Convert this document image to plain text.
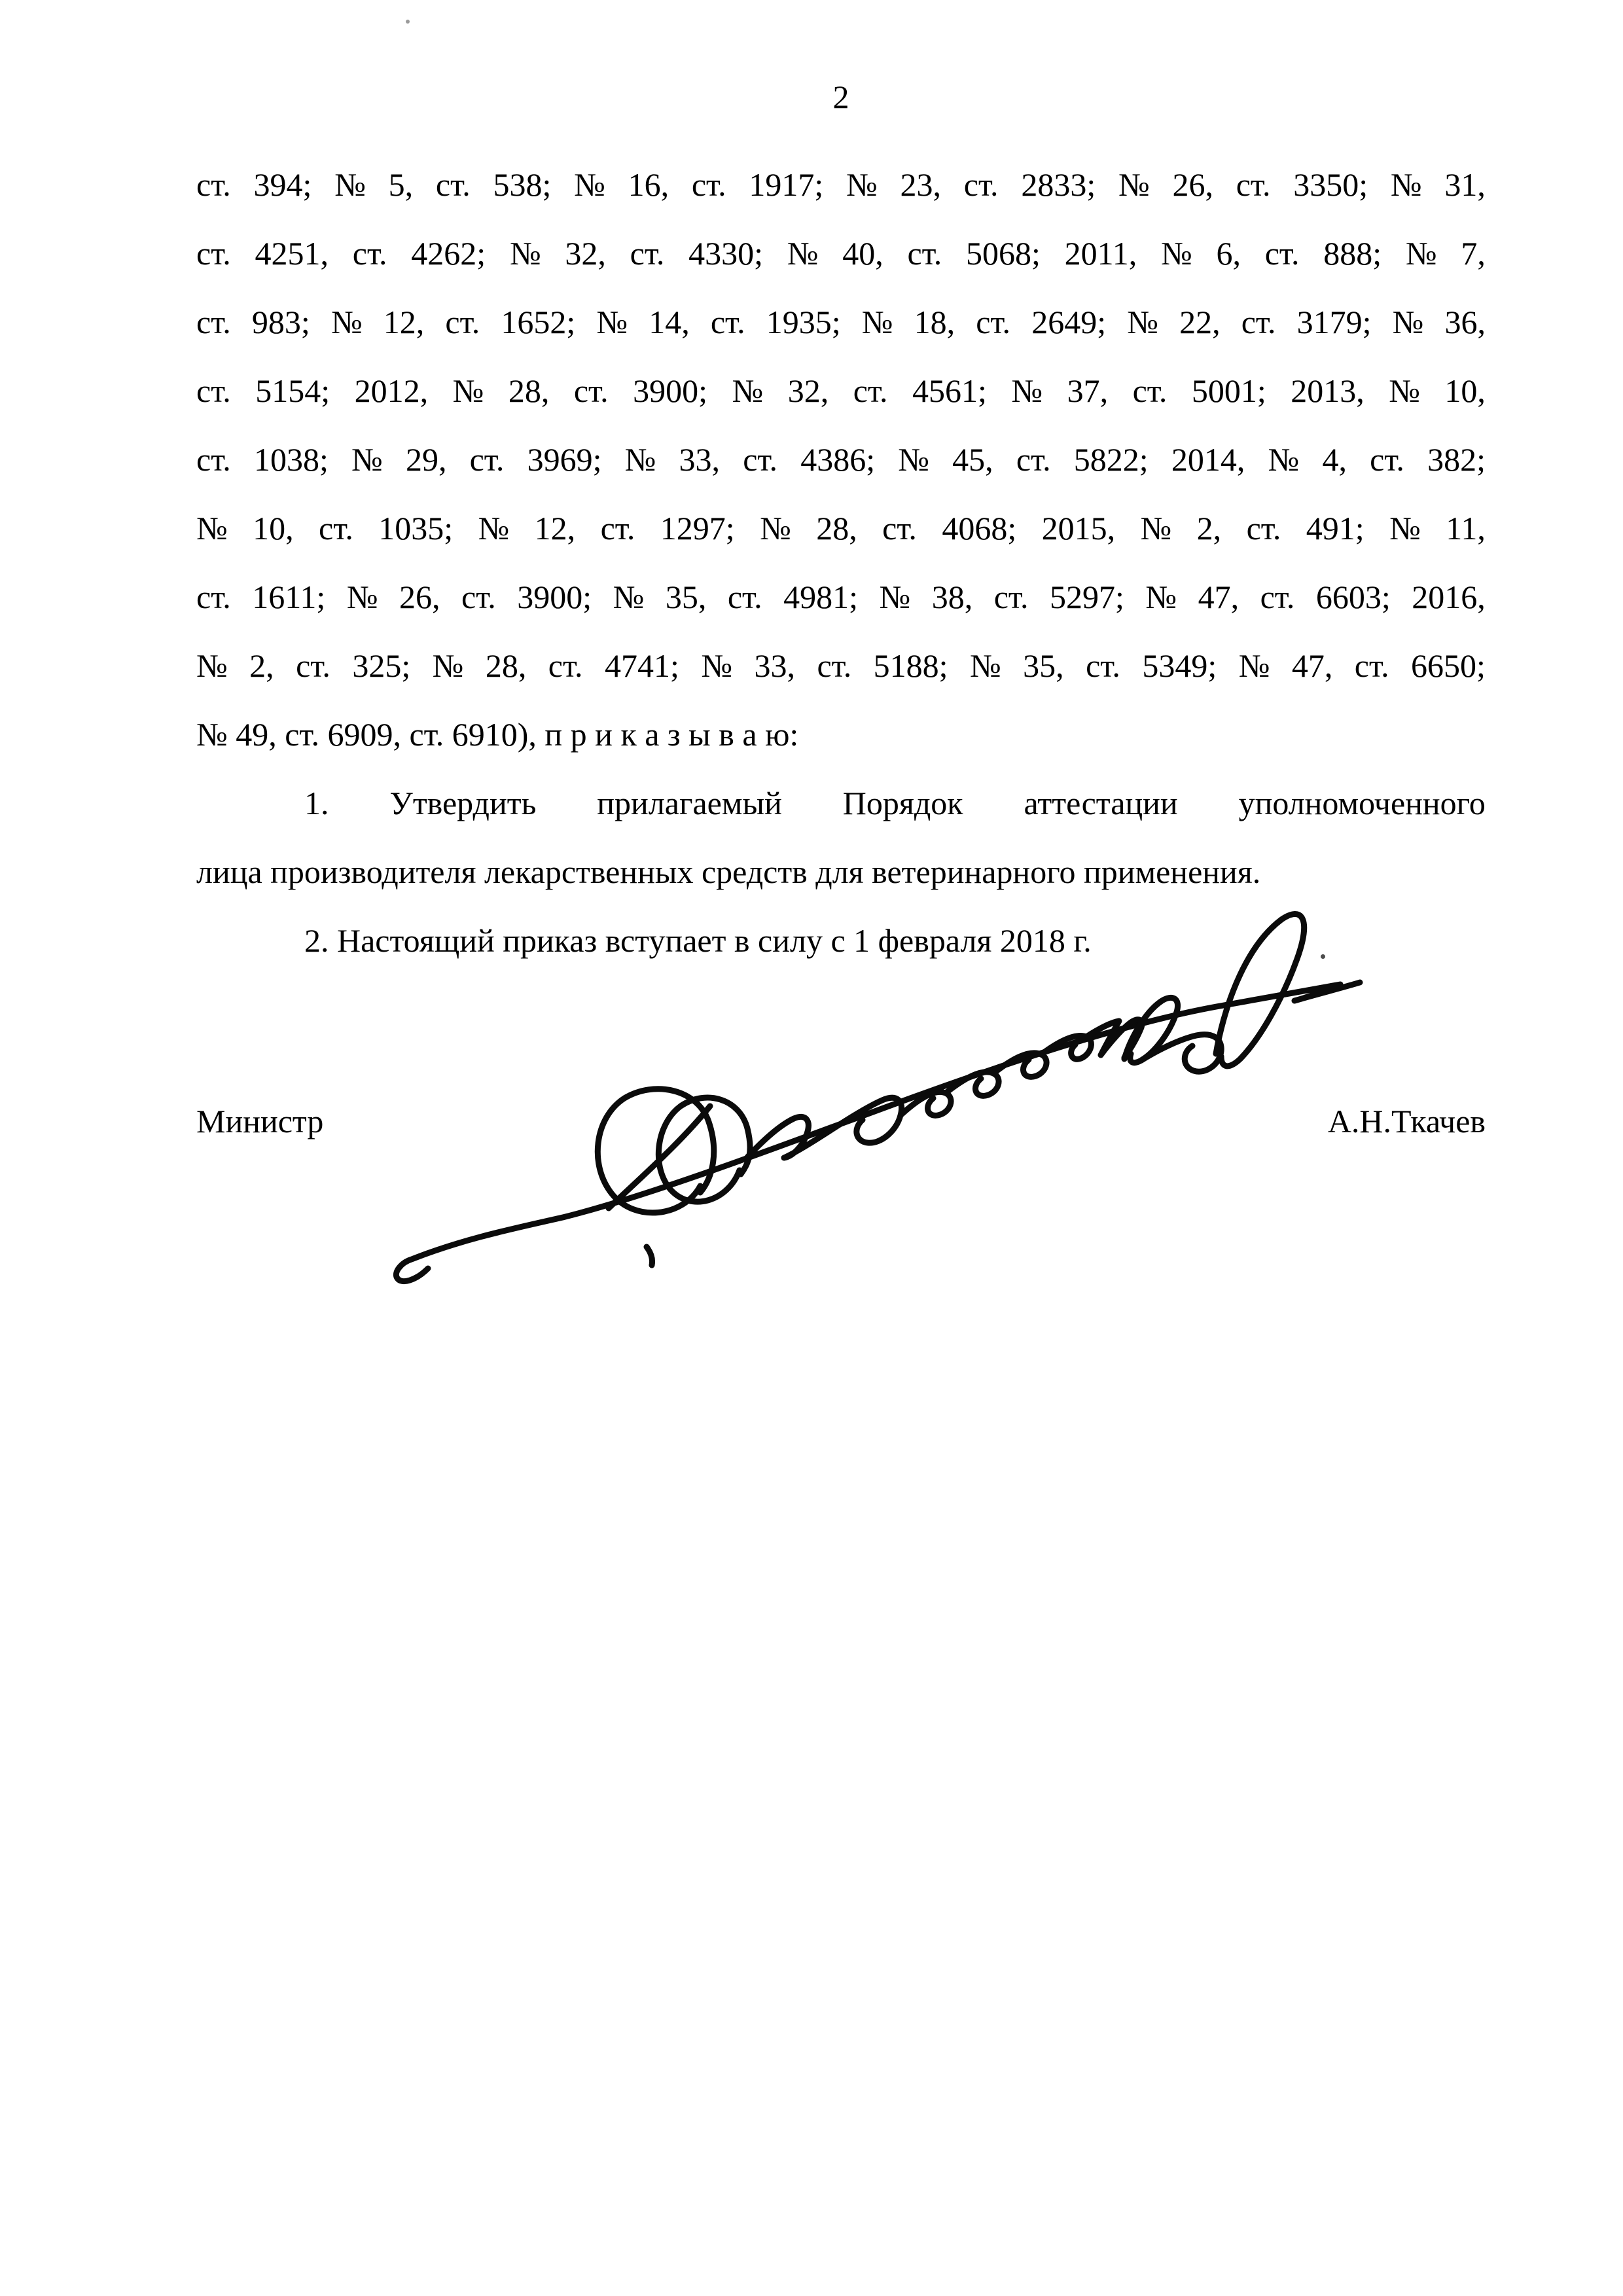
2
ст. 394; № 5, ст. 538; № 16, ст. 1917; № 23, ст. 2833; № 26, ст. 3350; № 31,
ст. 4251, ст. 4262; № 32, ст. 4330; № 40, ст. 5068; 2011, № 6, ст. 888; № 7,
ст. 983; № 12, ст. 1652; № 14, ст. 1935; № 18, ст. 2649; № 22, ст. 3179; № 36,
ст. 5154; 2012, № 28, ст. 3900; № 32, ст. 4561; № 37, ст. 5001; 2013, № 10,
ст. 1038; № 29, ст. 3969; № 33, ст. 4386; № 45, ст. 5822; 2014, № 4, ст. 382;
№ 10, ст. 1035; № 12, ст. 1297; № 28, ст. 4068; 2015, № 2, ст. 491; № 11,
ст. 1611; № 26, ст. 3900; № 35, ст. 4981; № 38, ст. 5297; № 47, ст. 6603; 2016,
№ 2, ст. 325; № 28, ст. 4741; № 33, ст. 5188; № 35, ст. 5349; № 47, ст. 6650;
№ 49, ст. 6909, ст. 6910), п р и к а з ы в а ю:
1. Утвердить прилагаемый Порядок аттестации уполномоченного
лица производителя лекарственных средств для ветеринарного применения.
2. Настоящий приказ вступает в силу с 1 февраля 2018 г.
Министр	А.Н.Ткачев
